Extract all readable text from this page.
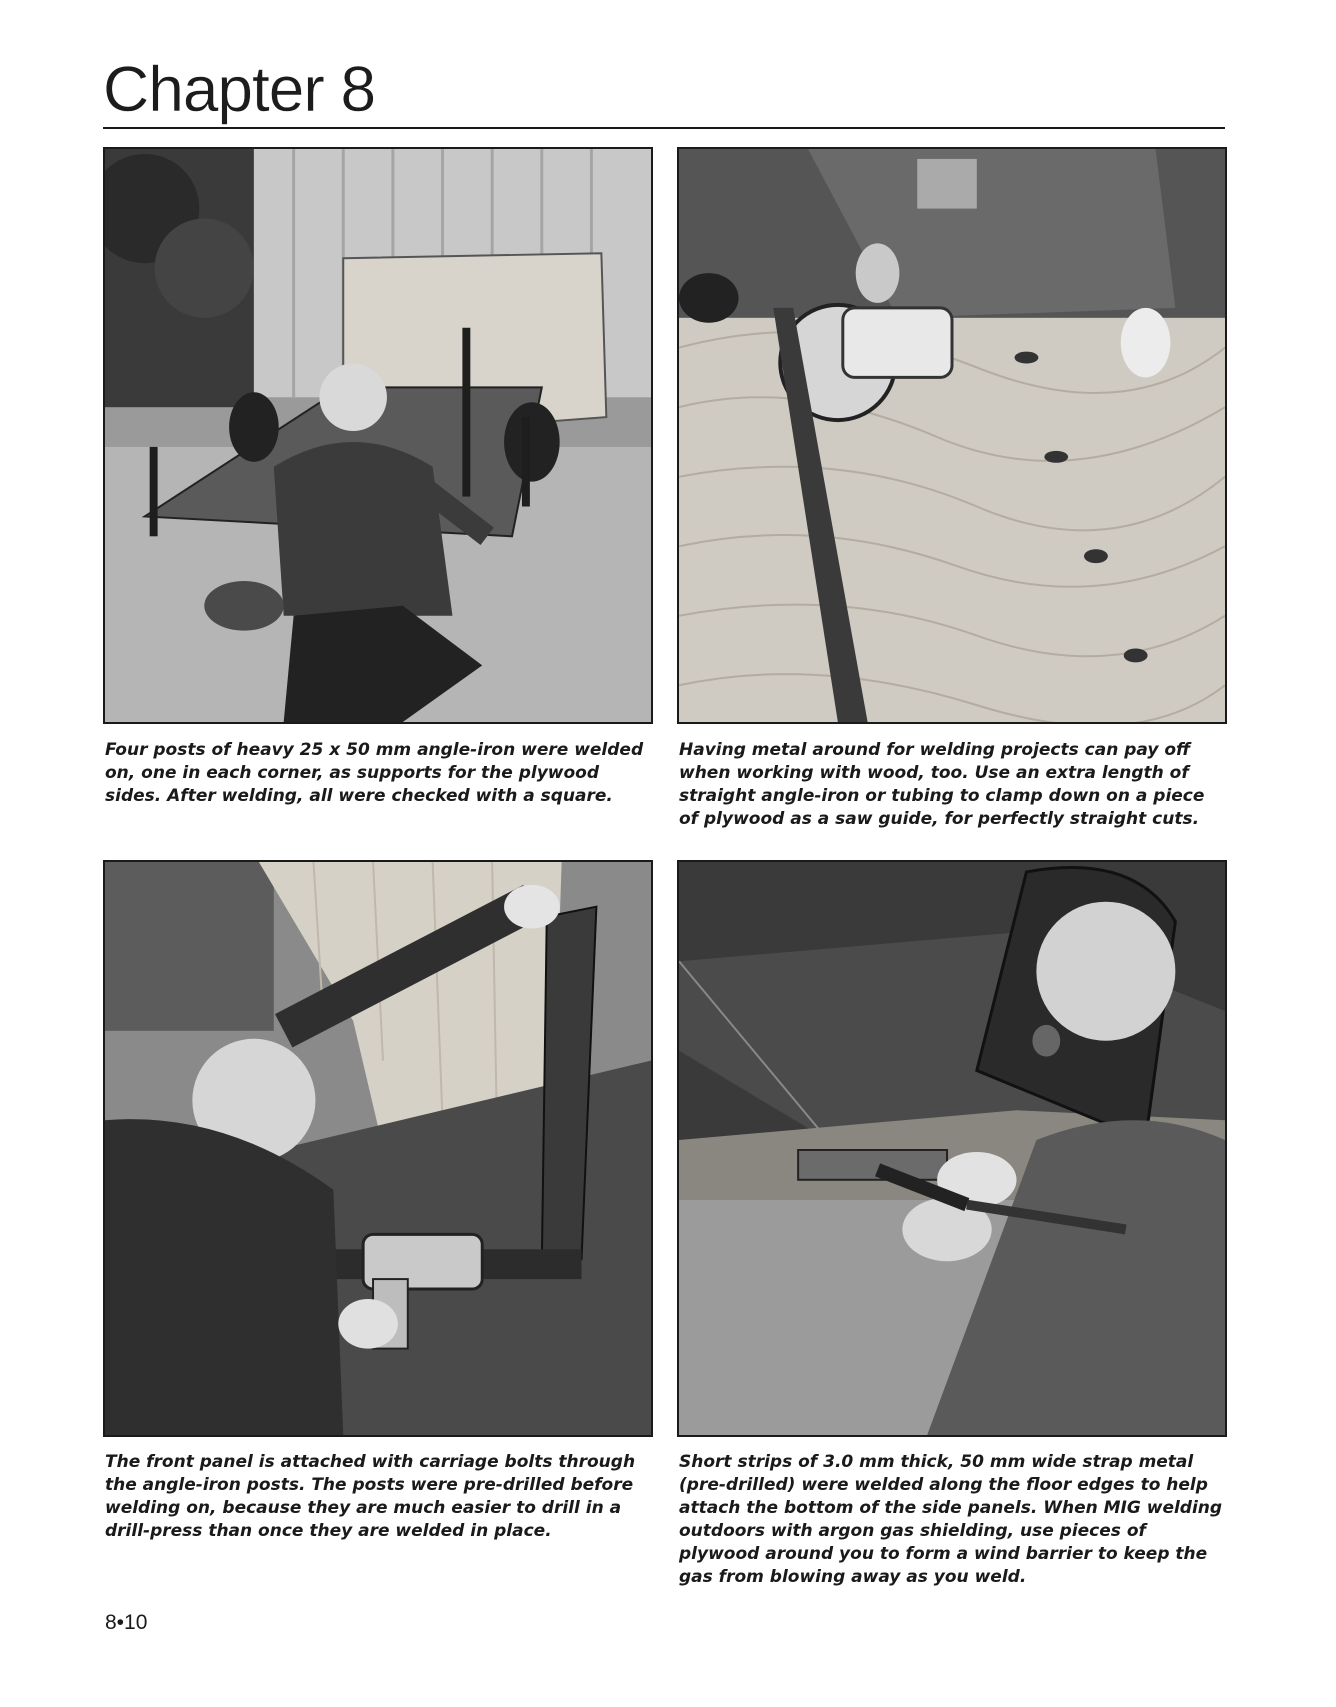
Chapter 8
Four posts of heavy 25 x 50 mm angle-iron were welded on, one in each corner, as supports for the plywood sides. After welding, all were checked with a square.
Having metal around for welding projects can pay off when working with wood, too. Use an extra length of straight angle-iron or tubing to clamp down on a piece of plywood as a saw guide, for perfectly straight cuts.
The front panel is attached with carriage bolts through the angle-iron posts. The posts were pre-drilled before welding on, because they are much easier to drill in a drill-press than once they are welded in place.
Short strips of 3.0 mm thick, 50 mm wide strap metal (pre-drilled) were welded along the floor edges to help attach the bottom of the side panels. When MIG welding outdoors with argon gas shielding, use pieces of plywood around you to form a wind barrier to keep the gas from blowing away as you weld.
8•10
